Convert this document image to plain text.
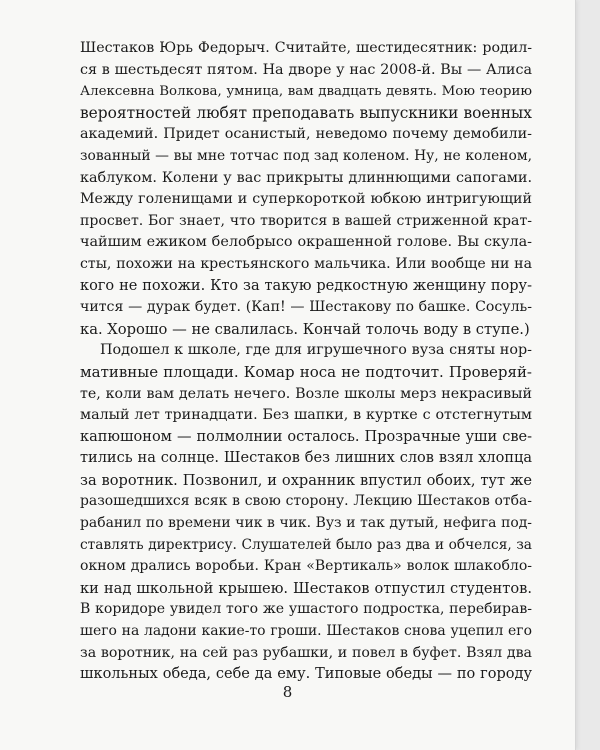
Шестаков Юрь Федорыч. Считайте, шестидесятник: родил-
ся в шестьдесят пятом. На дворе у нас 2008-й. Вы — Алиса
Алексевна Волкова, умница, вам двадцать девять. Мою теорию
вероятностей любят преподавать выпускники военных
академий. Придет осанистый, неведомо почему демобили-
зованный — вы мне тотчас под зад коленом. Ну, не коленом,
каблуком. Колени у вас прикрыты длиннющими сапогами.
Между голенищами и суперкороткой юбкою интригующий
просвет. Бог знает, что творится в вашей стриженной крат-
чайшим ежиком белобрысо окрашенной голове. Вы скула-
сты, похожи на крестьянского мальчика. Или вообще ни на
кого не похожи. Кто за такую редкостную женщину пору-
чится — дурак будет. (Кап! — Шестакову по башке. Сосуль-
ка. Хорошо — не свалилась. Кончай толочь воду в ступе.)

Подошел к школе, где для игрушечного вуза сняты нор-
мативные площади. Комар носа не подточит. Проверяй-
те, коли вам делать нечего. Возле школы мерз некрасивый
малый лет тринадцати. Без шапки, в куртке с отстегнутым
капюшоном — полмолнии осталось. Прозрачные уши све-
тились на солнце. Шестаков без лишних слов взял хлопца
за воротник. Позвонил, и охранник впустил обоих, тут же
разошедшихся всяк в свою сторону. Лекцию Шестаков отба-
рабанил по времени чик в чик. Вуз и так дутый, нефига под-
ставлять директрису. Слушателей было раз два и обчелся, за
окном дрались воробьи. Кран «Вертикаль» волок шлакобло-
ки над школьной крышею. Шестаков отпустил студентов.
В коридоре увидел того же ушастого подростка, перебирав-
шего на ладони какие-то гроши. Шестаков снова уцепил его
за воротник, на сей раз рубашки, и повел в буфет. Взял два
школьных обеда, себе да ему. Типовые обеды — по городу

8
